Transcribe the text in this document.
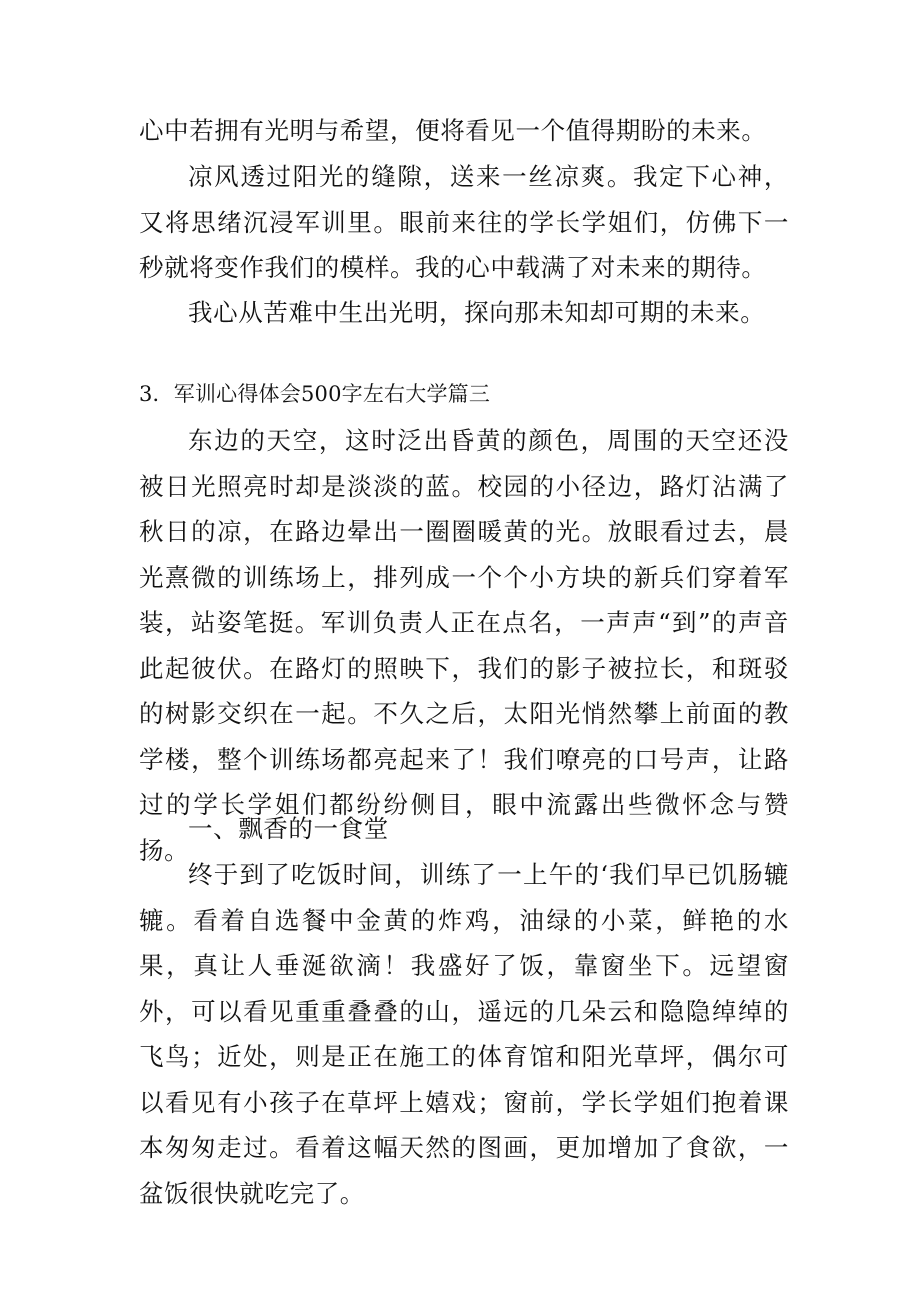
心中若拥有光明与希望，便将看见一个值得期盼的未来。

凉风透过阳光的缝隙，送来一丝凉爽。我定下心神，又将思绪沉浸军训里。眼前来往的学长学姐们，仿佛下一秒就将变作我们的模样。我的心中载满了对未来的期待。

我心从苦难中生出光明，探向那未知却可期的未来。

3．军训心得体会500字左右大学篇三

东边的天空，这时泛出昏黄的颜色，周围的天空还没被日光照亮时却是淡淡的蓝。校园的小径边，路灯沾满了秋日的凉，在路边晕出一圈圈暖黄的光。放眼看过去，晨光熹微的训练场上，排列成一个个小方块的新兵们穿着军装，站姿笔挺。军训负责人正在点名，一声声“到”的声音此起彼伏。在路灯的照映下，我们的影子被拉长，和斑驳的树影交织在一起。不久之后，太阳光悄然攀上前面的教学楼，整个训练场都亮起来了！我们嘹亮的口号声，让路过的学长学姐们都纷纷侧目，眼中流露出些微怀念与赞扬。

一、飘香的一食堂

终于到了吃饭时间，训练了一上午的‘我们早已饥肠辘辘。看着自选餐中金黄的炸鸡，油绿的小菜，鲜艳的水果，真让人垂涎欲滴！我盛好了饭，靠窗坐下。远望窗外，可以看见重重叠叠的山，遥远的几朵云和隐隐绰绰的飞鸟；近处，则是正在施工的体育馆和阳光草坪，偶尔可以看见有小孩子在草坪上嬉戏；窗前，学长学姐们抱着课本匆匆走过。看着这幅天然的图画，更加增加了食欲，一盆饭很快就吃完了。
